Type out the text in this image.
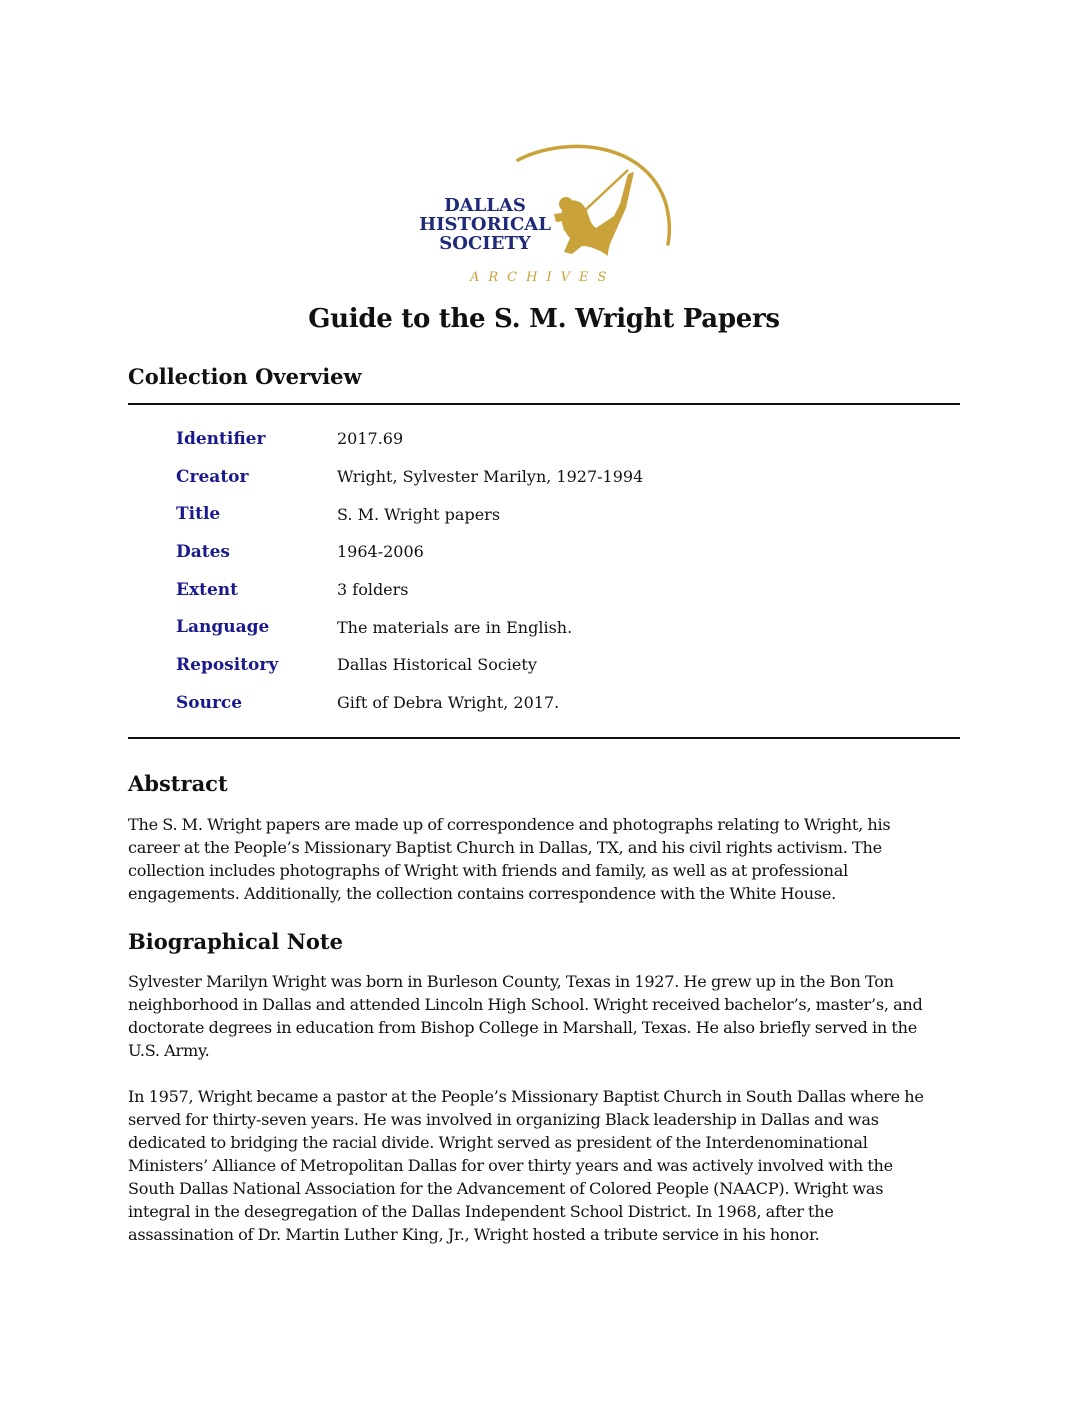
DALLAS
HISTORICAL
SOCIETY
ARCHIVES
Guide to the S. M. Wright Papers
Collection Overview
Identifier	2017.69
Creator	Wright, Sylvester Marilyn, 1927-1994
Title	S. M. Wright papers
Dates	1964-2006
Extent	3 folders
Language	The materials are in English.
Repository	Dallas Historical Society
Source	Gift of Debra Wright, 2017.
Abstract
The S. M. Wright papers are made up of correspondence and photographs relating to Wright, his
career at the People’s Missionary Baptist Church in Dallas, TX, and his civil rights activism. The
collection includes photographs of Wright with friends and family, as well as at professional
engagements. Additionally, the collection contains correspondence with the White House.
Biographical Note
Sylvester Marilyn Wright was born in Burleson County, Texas in 1927. He grew up in the Bon Ton
neighborhood in Dallas and attended Lincoln High School. Wright received bachelor’s, master’s, and
doctorate degrees in education from Bishop College in Marshall, Texas. He also briefly served in the
U.S. Army.
In 1957, Wright became a pastor at the People’s Missionary Baptist Church in South Dallas where he
served for thirty-seven years. He was involved in organizing Black leadership in Dallas and was
dedicated to bridging the racial divide. Wright served as president of the Interdenominational
Ministers’ Alliance of Metropolitan Dallas for over thirty years and was actively involved with the
South Dallas National Association for the Advancement of Colored People (NAACP). Wright was
integral in the desegregation of the Dallas Independent School District. In 1968, after the
assassination of Dr. Martin Luther King, Jr., Wright hosted a tribute service in his honor.
